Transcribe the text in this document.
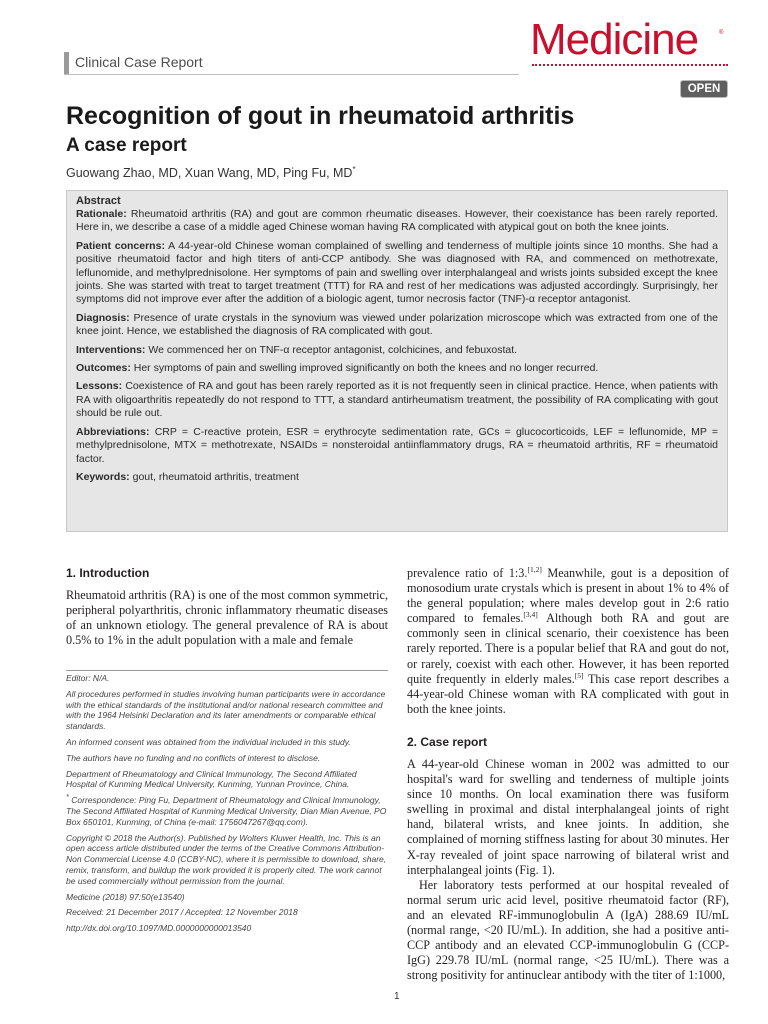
Clinical Case Report	Medicine	®
OPEN
Recognition of gout in rheumatoid arthritis
A case report
Guowang Zhao, MD, Xuan Wang, MD, Ping Fu, MD*

Abstract

Rationale: Rheumatoid arthritis (RA) and gout are common rheumatic diseases. However, their coexistance has been rarely reported. Here in, we describe a case of a middle aged Chinese woman having RA complicated with atypical gout on both the knee joints.

Patient concerns: A 44-year-old Chinese woman complained of swelling and tenderness of multiple joints since 10 months. She had a positive rheumatoid factor and high titers of anti-CCP antibody. She was diagnosed with RA, and commenced on methotrexate, leflunomide, and methylprednisolone. Her symptoms of pain and swelling over interphalangeal and wrists joints subsided except the knee joints. She was started with treat to target treatment (TTT) for RA and rest of her medications was adjusted accordingly. Surprisingly, her symptoms did not improve ever after the addition of a biologic agent, tumor necrosis factor (TNF)-α receptor antagonist.

Diagnosis: Presence of urate crystals in the synovium was viewed under polarization microscope which was extracted from one of the knee joint. Hence, we established the diagnosis of RA complicated with gout.

Interventions: We commenced her on TNF-α receptor antagonist, colchicines, and febuxostat.

Outcomes: Her symptoms of pain and swelling improved significantly on both the knees and no longer recurred.

Lessons: Coexistence of RA and gout has been rarely reported as it is not frequently seen in clinical practice. Hence, when patients with RA with oligoarthritis repeatedly do not respond to TTT, a standard antirheumatism treatment, the possibility of RA complicating with gout should be rule out.

Abbreviations: CRP = C-reactive protein, ESR = erythrocyte sedimentation rate, GCs = glucocorticoids, LEF = leflunomide, MP = methylprednisolone, MTX = methotrexate, NSAIDs = nonsteroidal antiinflammatory drugs, RA = rheumatoid arthritis, RF = rheumatoid factor.

Keywords: gout, rheumatoid arthritis, treatment

1. Introduction

Rheumatoid arthritis (RA) is one of the most common symmetric, peripheral polyarthritis, chronic inflammatory rheumatic diseases of an unknown etiology. The general prevalence of RA is about 0.5% to 1% in the adult population with a male and female

Editor: N/A.

All procedures performed in studies involving human participants were in accordance with the ethical standards of the institutional and/or national research committee and with the 1964 Helsinki Declaration and its later amendments or comparable ethical standards.

An informed consent was obtained from the individual included in this study.

The authors have no funding and no conflicts of interest to disclose.

Department of Rheumatology and Clinical Immunology, The Second Affiliated Hospital of Kunming Medical University, Kunming, Yunnan Province, China.

* Correspondence: Ping Fu, Department of Rheumatology and Clinical Immunology, The Second Affiliated Hospital of Kunming Medical University, Dian Mian Avenue, PO Box 650101, Kunming, of China (e-mail: 1756047267@qq.com).

Copyright © 2018 the Author(s). Published by Wolters Kluwer Health, Inc. This is an open access article distributed under the terms of the Creative Commons Attribution-Non Commercial License 4.0 (CCBY-NC), where it is permissible to download, share, remix, transform, and buildup the work provided it is properly cited. The work cannot be used commercially without permission from the journal.

Medicine (2018) 97:50(e13540)

Received: 21 December 2017 / Accepted: 12 November 2018

http://dx.doi.org/10.1097/MD.0000000000013540

prevalence ratio of 1:3.[1,2] Meanwhile, gout is a deposition of monosodium urate crystals which is present in about 1% to 4% of the general population; where males develop gout in 2:6 ratio compared to females.[3,4] Although both RA and gout are commonly seen in clinical scenario, their coexistence has been rarely reported. There is a popular belief that RA and gout do not, or rarely, coexist with each other. However, it has been reported quite frequently in elderly males.[5] This case report describes a 44-year-old Chinese woman with RA complicated with gout in both the knee joints.

2. Case report

A 44-year-old Chinese woman in 2002 was admitted to our hospital's ward for swelling and tenderness of multiple joints since 10 months. On local examination there was fusiform swelling in proximal and distal interphalangeal joints of right hand, bilateral wrists, and knee joints. In addition, she complained of morning stiffness lasting for about 30 minutes. Her X-ray revealed of joint space narrowing of bilateral wrist and interphalangeal joints (Fig. 1).

Her laboratory tests performed at our hospital revealed of normal serum uric acid level, positive rheumatoid factor (RF), and an elevated RF-immunoglobulin A (IgA) 288.69 IU/mL (normal range, <20 IU/mL). In addition, she had a positive anti-CCP antibody and an elevated CCP-immunoglobulin G (CCP-IgG) 229.78 IU/mL (normal range, <25 IU/mL). There was a strong positivity for antinuclear antibody with the titer of 1:1000,

1
